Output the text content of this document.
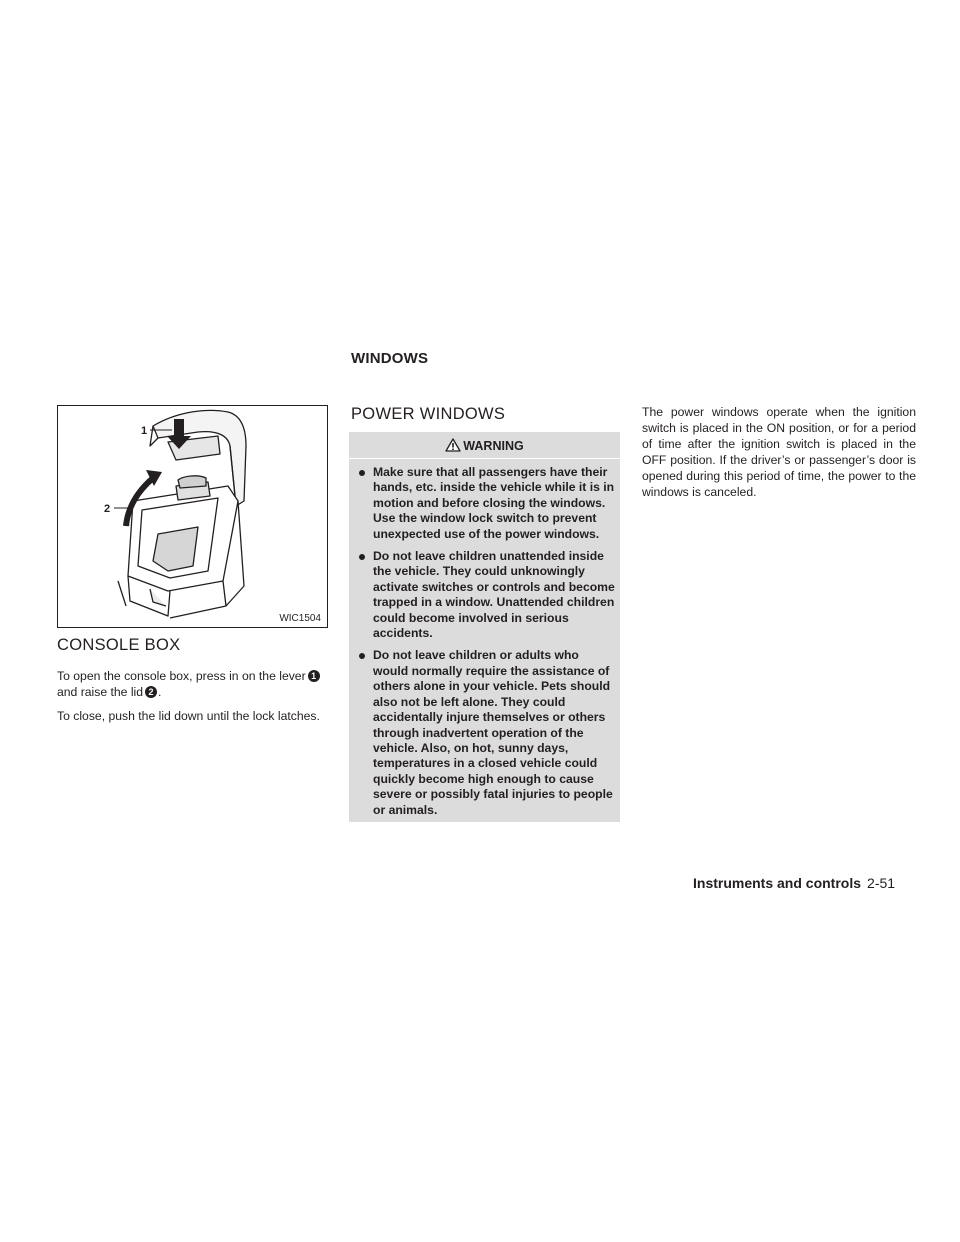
WINDOWS
1
2
WIC1504
CONSOLE BOX

To open the console box, press in on the lever 1 and raise the lid 2 .

To close, push the lid down until the lock latches.

POWER WINDOWS
WARNING
Make sure that all passengers have their hands, etc. inside the vehicle while it is in motion and before closing the windows. Use the window lock switch to prevent unexpected use of the power windows.
Do not leave children unattended inside the vehicle. They could unknowingly activate switches or controls and become trapped in a window. Unattended children could become involved in serious accidents.
Do not leave children or adults who would normally require the assistance of others alone in your vehicle. Pets should also not be left alone. They could accidentally injure themselves or others through inadvertent operation of the vehicle. Also, on hot, sunny days, temperatures in a closed vehicle could quickly become high enough to cause severe or possibly fatal injuries to people or animals.

The power windows operate when the ignition switch is placed in the ON position, or for a period of time after the ignition switch is placed in the OFF position. If the driver’s or passenger’s door is opened during this period of time, the power to the windows is canceled.

Instruments and controls 2-51
